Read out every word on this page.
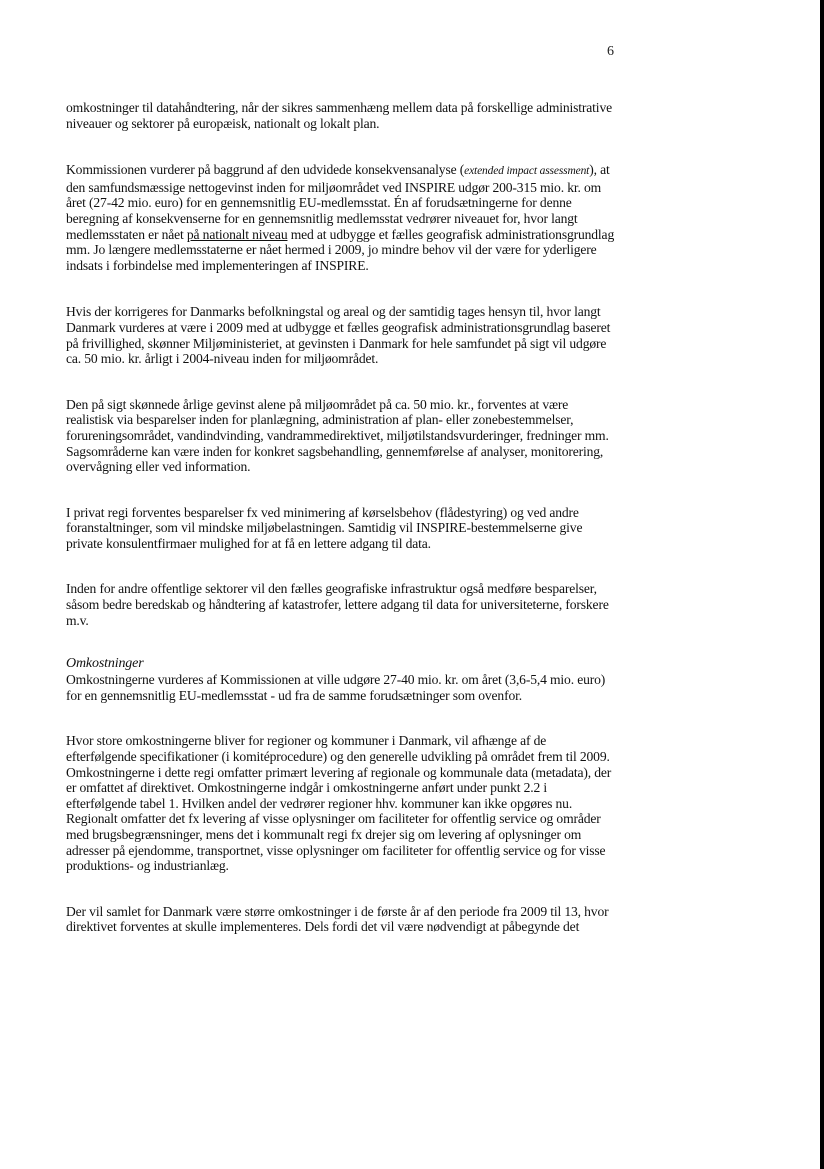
6

omkostninger til datahåndtering, når der sikres sammenhæng mellem data på forskellige administrative niveauer og sektorer på europæisk, nationalt og lokalt plan.

Kommissionen vurderer på baggrund af den udvidede konsekvensanalyse (extended impact assessment), at den samfundsmæssige nettogevinst inden for miljøområdet ved INSPIRE udgør 200-315 mio. kr. om året (27-42 mio. euro) for en gennemsnitlig EU-medlemsstat. Én af forudsætningerne for denne beregning af konsekvenserne for en gennemsnitlig medlemsstat vedrører niveauet for, hvor langt medlemsstaten er nået på nationalt niveau med at udbygge et fælles geografisk administrationsgrundlag mm. Jo længere medlemsstaterne er nået hermed i 2009, jo mindre behov vil der være for yderligere indsats i forbindelse med implementeringen af INSPIRE.

Hvis der korrigeres for Danmarks befolkningstal og areal og der samtidig tages hensyn til, hvor langt Danmark vurderes at være i 2009 med at udbygge et fælles geografisk administrationsgrundlag baseret på frivillighed, skønner Miljøministeriet, at gevinsten i Danmark for hele samfundet på sigt vil udgøre ca. 50 mio. kr. årligt i 2004-niveau inden for miljøområdet.

Den på sigt skønnede årlige gevinst alene på miljøområdet på ca. 50 mio. kr., forventes at være realistisk via besparelser inden for planlægning, administration af plan- eller zonebestemmelser, forureningsområdet, vandindvinding, vandrammedirektivet, miljøtilstandsvurderinger, fredninger mm. Sagsområderne kan være inden for konkret sagsbehandling, gennemførelse af analyser, monitorering, overvågning eller ved information.

I privat regi forventes besparelser fx ved minimering af kørselsbehov (flådestyring) og ved andre foranstaltninger, som vil mindske miljøbelastningen. Samtidig vil INSPIRE-bestemmelserne give private konsulentfirmaer mulighed for at få en lettere adgang til data.

Inden for andre offentlige sektorer vil den fælles geografiske infrastruktur også medføre besparelser, såsom bedre beredskab og håndtering af katastrofer, lettere adgang til data for universiteterne, forskere m.v.

Omkostninger

Omkostningerne vurderes af Kommissionen at ville udgøre 27-40 mio. kr. om året (3,6-5,4 mio. euro) for en gennemsnitlig EU-medlemsstat - ud fra de samme forudsætninger som ovenfor.

Hvor store omkostningerne bliver for regioner og kommuner i Danmark, vil afhænge af de efterfølgende specifikationer (i komitéprocedure) og den generelle udvikling på området frem til 2009. Omkostningerne i dette regi omfatter primært levering af regionale og kommunale data (metadata), der er omfattet af direktivet. Omkostningerne indgår i omkostningerne anført under punkt 2.2 i efterfølgende tabel 1. Hvilken andel der vedrører regioner hhv. kommuner kan ikke opgøres nu. Regionalt omfatter det fx levering af visse oplysninger om faciliteter for offentlig service og områder med brugsbegrænsninger, mens det i kommunalt regi fx drejer sig om levering af oplysninger om adresser på ejendomme, transportnet, visse oplysninger om faciliteter for offentlig service og for visse produktions- og industrianlæg.

Der vil samlet for Danmark være større omkostninger i de første år af den periode fra 2009 til 13, hvor direktivet forventes at skulle implementeres. Dels fordi det vil være nødvendigt at påbegynde det
